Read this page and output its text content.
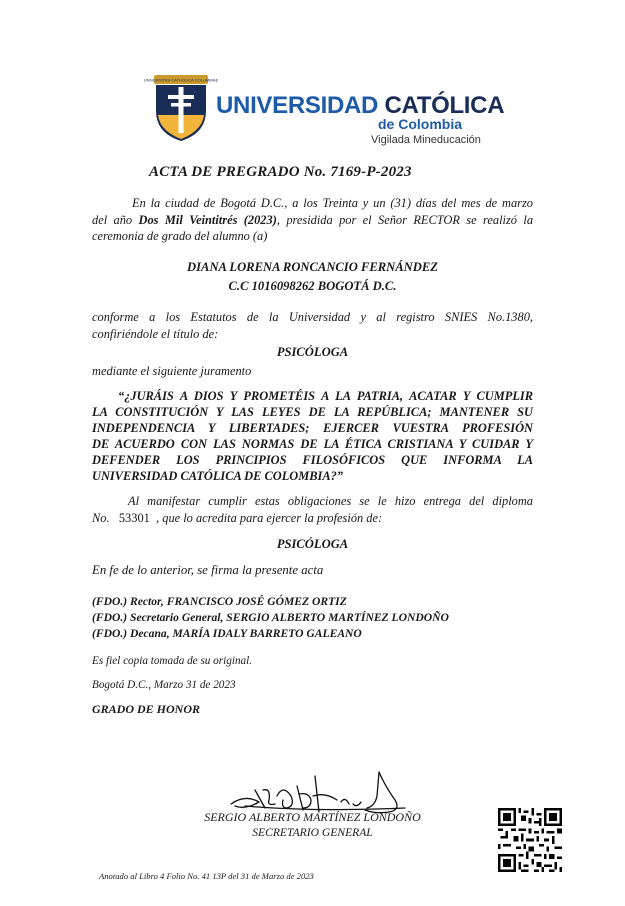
UNIVERSITAS CATHOLICA COLUMBIAE
UNIVERSIDAD CATÓLICA
de Colombia
Vigilada Mineducación
ACTA DE PREGRADO No. 7169-P-2023
En la ciudad de Bogotá D.C., a los Treinta y un (31) días del mes de marzo
del año Dos Mil Veintitrés (2023), presidida por el Señor RECTOR se realizó la
ceremonia de grado del alumno (a)
DIANA LORENA RONCANCIO FERNÁNDEZ
C.C 1016098262 BOGOTÁ D.C.
conforme a los Estatutos de la Universidad y al registro SNIES No.1380,
confiriéndole el título de:
PSICÓLOGA
mediante el siguiente juramento
“¿JURÁIS A DIOS Y PROMETÉIS A LA PATRIA, ACATAR Y CUMPLIR
LA CONSTITUCIÓN Y LAS LEYES DE LA REPÚBLICA; MANTENER SU
INDEPENDENCIA Y LIBERTADES; EJERCER VUESTRA PROFESIÓN
DE ACUERDO CON LAS NORMAS DE LA ÉTICA CRISTIANA Y CUIDAR Y
DEFENDER LOS PRINCIPIOS FILOSÓFICOS QUE INFORMA LA
UNIVERSIDAD CATÓLICA DE COLOMBIA?”
Al manifestar cumplir estas obligaciones se le hizo entrega del diploma
No. 53301 , que lo acredita para ejercer la profesión de:
PSICÓLOGA
En fe de lo anterior, se firma la presente acta
(FDO.) Rector, FRANCISCO JOSÉ GÓMEZ ORTIZ
(FDO.) Secretario General, SERGIO ALBERTO MARTÍNEZ LONDOÑO
(FDO.) Decana, MARÍA IDALY BARRETO GALEANO
Es fiel copia tomada de su original.
Bogotá D.C., Marzo 31 de 2023
GRADO DE HONOR
SERGIO ALBERTO MARTÍNEZ LONDOÑO
SECRETARIO GENERAL
Anotado al Libro 4 Folio No. 41 13P del 31 de Marzo de 2023
